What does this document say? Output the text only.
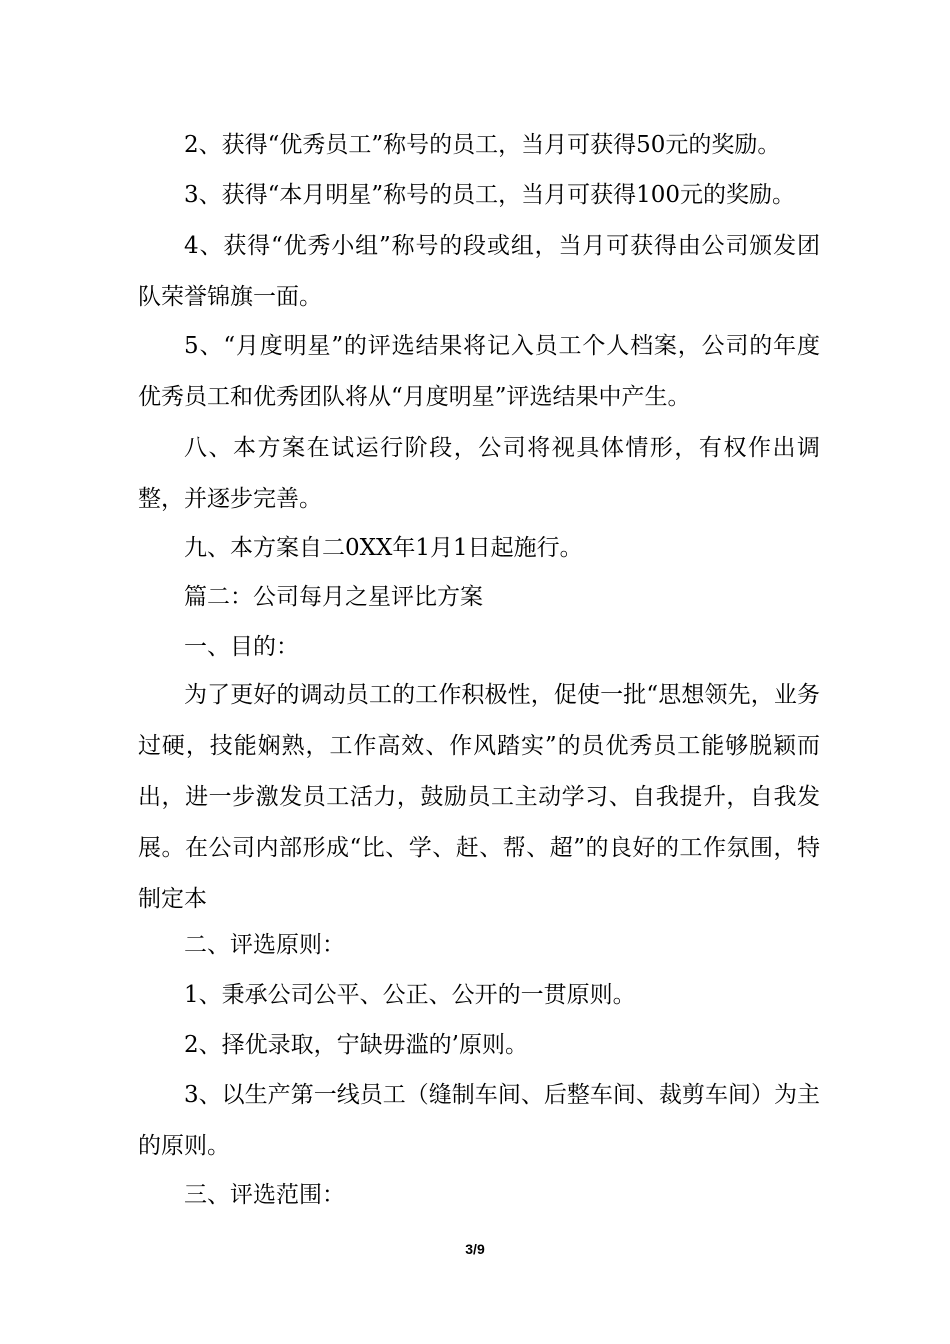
2、获得“优秀员工”称号的员工，当月可获得50元的奖励。

3、获得“本月明星”称号的员工，当月可获得100元的奖励。

4、获得“优秀小组”称号的段或组，当月可获得由公司颁发团队荣誉锦旗一面。

5、“月度明星”的评选结果将记入员工个人档案，公司的年度优秀员工和优秀团队将从“月度明星”评选结果中产生。

八、本方案在试运行阶段，公司将视具体情形，有权作出调整，并逐步完善。

九、本方案自二0XX年1月1日起施行。

篇二：公司每月之星评比方案

一、目的：

为了更好的调动员工的工作积极性，促使一批“思想领先，业务过硬，技能娴熟，工作高效、作风踏实”的员优秀员工能够脱颖而出，进一步激发员工活力，鼓励员工主动学习、自我提升，自我发展。在公司内部形成“比、学、赶、帮、超”的良好的工作氛围，特制定本

二、评选原则：

1、秉承公司公平、公正、公开的一贯原则。

2、择优录取，宁缺毋滥的’原则。

3、以生产第一线员工（缝制车间、后整车间、裁剪车间）为主的原则。

三、评选范围：

3/9
